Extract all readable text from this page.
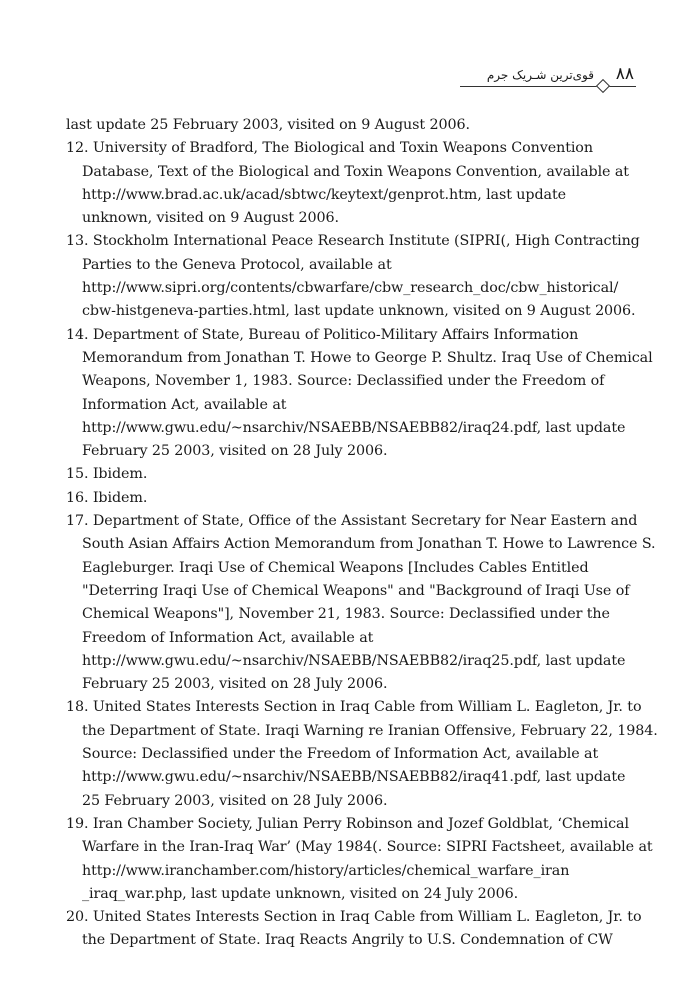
۸۸
قوی‌ترین شـریک جرم
last update 25 February 2003, visited on 9 August 2006.
12. University of Bradford, The Biological and Toxin Weapons Convention
Database, Text of the Biological and Toxin Weapons Convention, available at
http://www.brad.ac.uk/acad/sbtwc/keytext/genprot.htm, last update
unknown, visited on 9 August 2006.
13. Stockholm International Peace Research Institute (SIPRI(, High Contracting
Parties to the Geneva Protocol, available at
http://www.sipri.org/contents/cbwarfare/cbw_research_doc/cbw_historical/
cbw-histgeneva-parties.html, last update unknown, visited on 9 August 2006.
14. Department of State, Bureau of Politico-Military Affairs Information
Memorandum from Jonathan T. Howe to George P. Shultz. Iraq Use of Chemical
Weapons, November 1, 1983. Source: Declassified under the Freedom of
Information Act, available at
http://www.gwu.edu/~nsarchiv/NSAEBB/NSAEBB82/iraq24.pdf, last update
February 25 2003, visited on 28 July 2006.
15. Ibidem.
16. Ibidem.
17. Department of State, Office of the Assistant Secretary for Near Eastern and
South Asian Affairs Action Memorandum from Jonathan T. Howe to Lawrence S.
Eagleburger. Iraqi Use of Chemical Weapons [Includes Cables Entitled
"Deterring Iraqi Use of Chemical Weapons" and "Background of Iraqi Use of
Chemical Weapons"], November 21, 1983. Source: Declassified under the
Freedom of Information Act, available at
http://www.gwu.edu/~nsarchiv/NSAEBB/NSAEBB82/iraq25.pdf, last update
February 25 2003, visited on 28 July 2006.
18. United States Interests Section in Iraq Cable from William L. Eagleton, Jr. to
the Department of State. Iraqi Warning re Iranian Offensive, February 22, 1984.
Source: Declassified under the Freedom of Information Act, available at
http://www.gwu.edu/~nsarchiv/NSAEBB/NSAEBB82/iraq41.pdf, last update
25 February 2003, visited on 28 July 2006.
19. Iran Chamber Society, Julian Perry Robinson and Jozef Goldblat, ‘Chemical
Warfare in the Iran-Iraq War’ (May 1984(. Source: SIPRI Factsheet, available at
http://www.iranchamber.com/history/articles/chemical_warfare_iran
_iraq_war.php, last update unknown, visited on 24 July 2006.
20. United States Interests Section in Iraq Cable from William L. Eagleton, Jr. to
the Department of State. Iraq Reacts Angrily to U.S. Condemnation of CW
